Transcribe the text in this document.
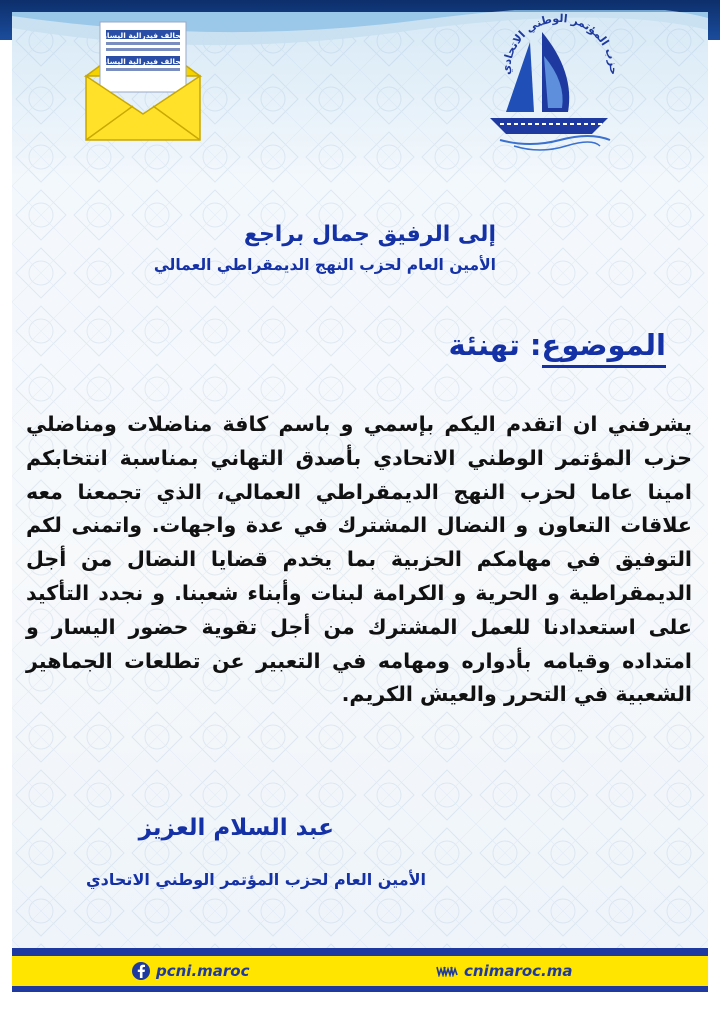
حزب المؤتمر الوطني الاتحادي
تحالف فيدرالية اليسار
تحالف فيدرالية اليسار

إلى الرفيق جمال براجع

الأمين العام لحزب النهج الديمقراطي العمالي

الموضوع: تهنئة

يشرفني ان اتقدم اليكم بإسمي و باسم كافة مناضلات ومناضلي حزب المؤتمر الوطني الاتحادي بأصدق التهاني بمناسبة انتخابكم امينا عاما لحزب النهج الديمقراطي العمالي، الذي تجمعنا معه علاقات التعاون و النضال المشترك في عدة واجهات. واتمنى لكم التوفيق في مهامكم الحزبية بما يخدم قضايا النضال من أجل الديمقراطية و الحرية و الكرامة لبنات وأبناء شعبنا. و نجدد التأكيد على استعدادنا للعمل المشترك من أجل تقوية حضور اليسار و امتداده وقيامه بأدواره ومهامه في التعبير عن تطلعات الجماهير الشعبية في التحرر والعيش الكريم.

عبد السلام العزيز

الأمين العام لحزب المؤتمر الوطني الاتحادي

pcni.maroc	cnimaroc.ma
